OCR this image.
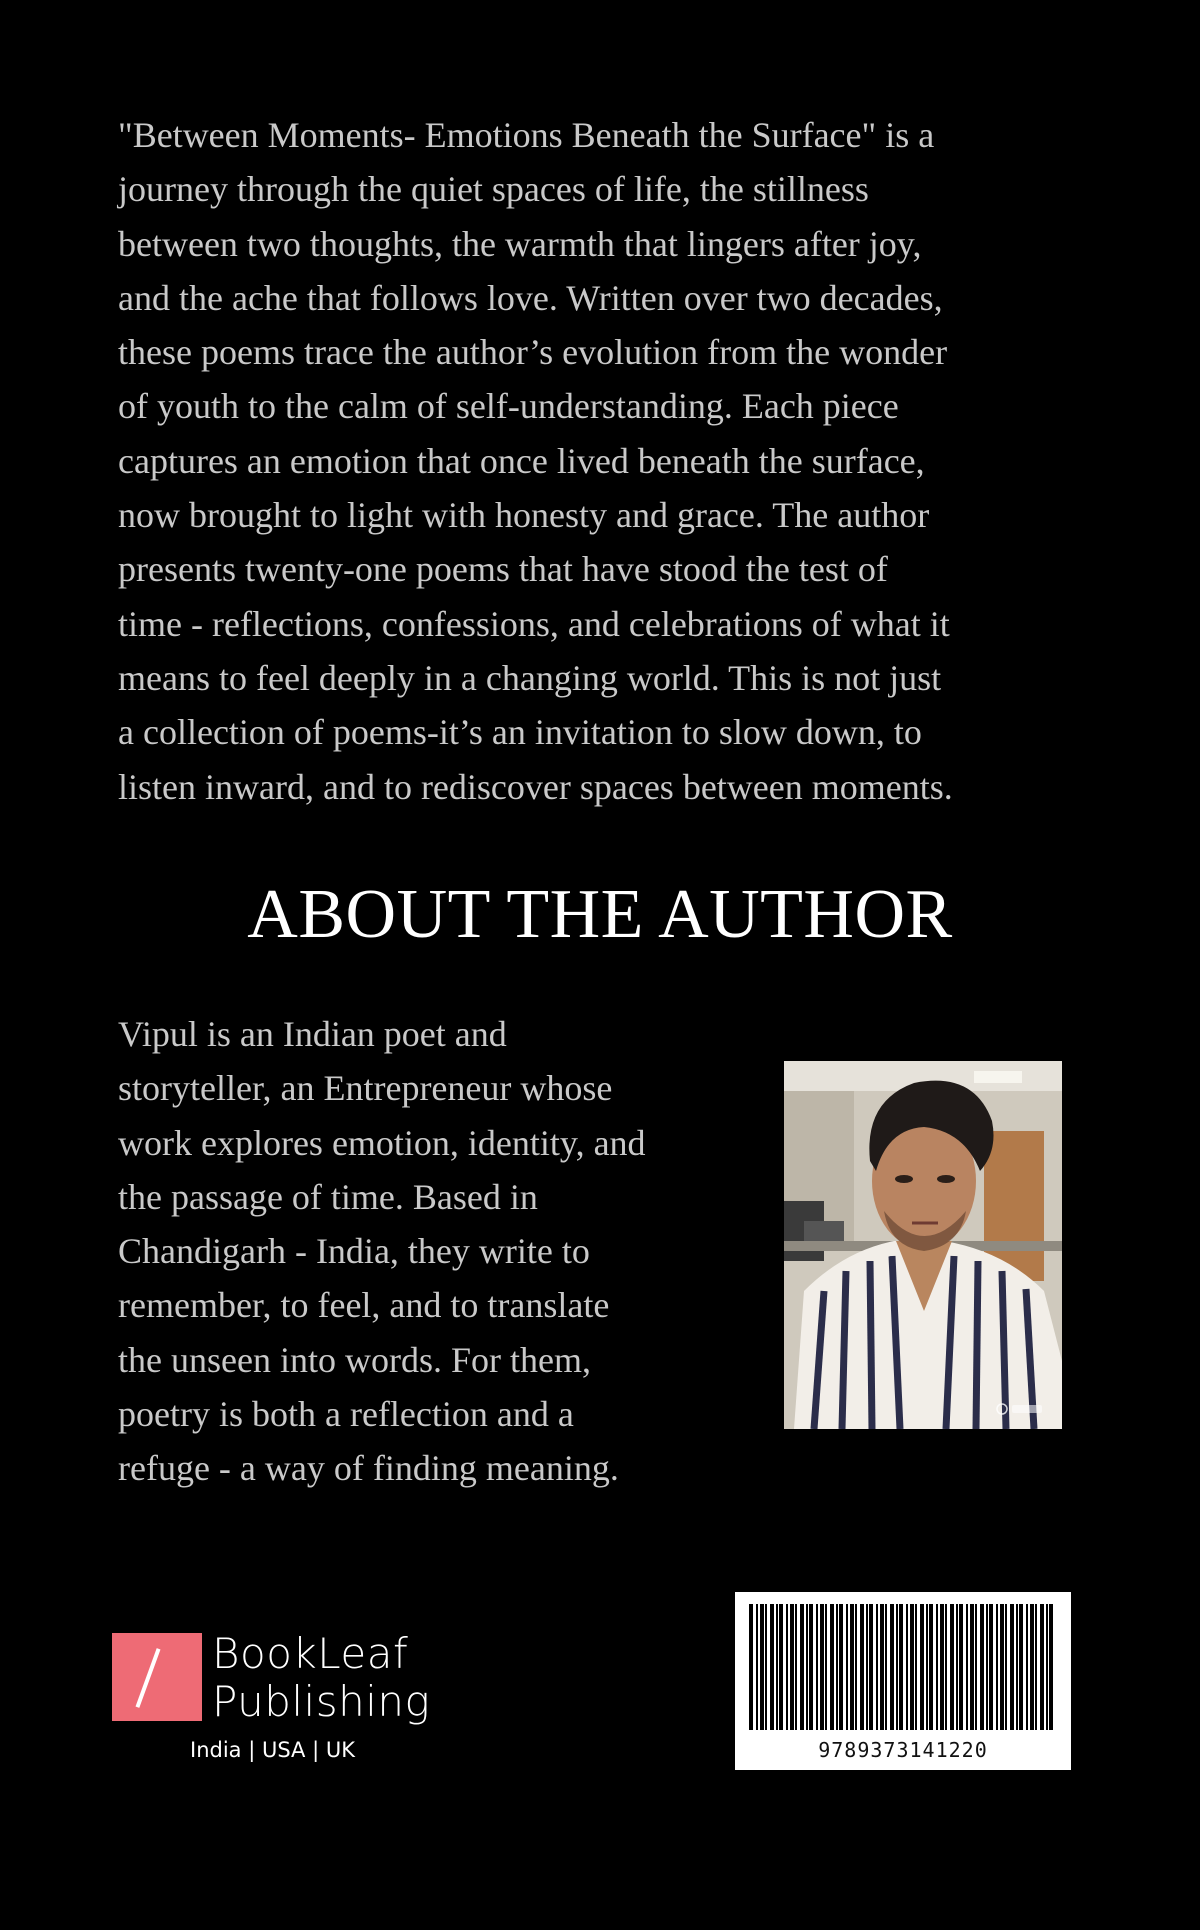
"Between Moments- Emotions Beneath the Surface" is a
journey through the quiet spaces of life, the stillness
between two thoughts, the warmth that lingers after joy,
and the ache that follows love. Written over two decades,
these poems trace the author’s evolution from the wonder
of youth to the calm of self-understanding. Each piece
captures an emotion that once lived beneath the surface,
now brought to light with honesty and grace. The author
presents twenty-one poems that have stood the test of
time - reflections, confessions, and celebrations of what it
means to feel deeply in a changing world. This is not just
a collection of poems-it’s an invitation to slow down, to
listen inward, and to rediscover spaces between moments.
ABOUT THE AUTHOR
Vipul is an Indian poet and
storyteller, an Entrepreneur whose
work explores emotion, identity, and
the passage of time. Based in
Chandigarh - India, they write to
remember, to feel, and to translate
the unseen into words. For them,
poetry is both a reflection and a
refuge - a way of finding meaning.
BookLeaf
Publishing
India | USA | UK	9789373141220
